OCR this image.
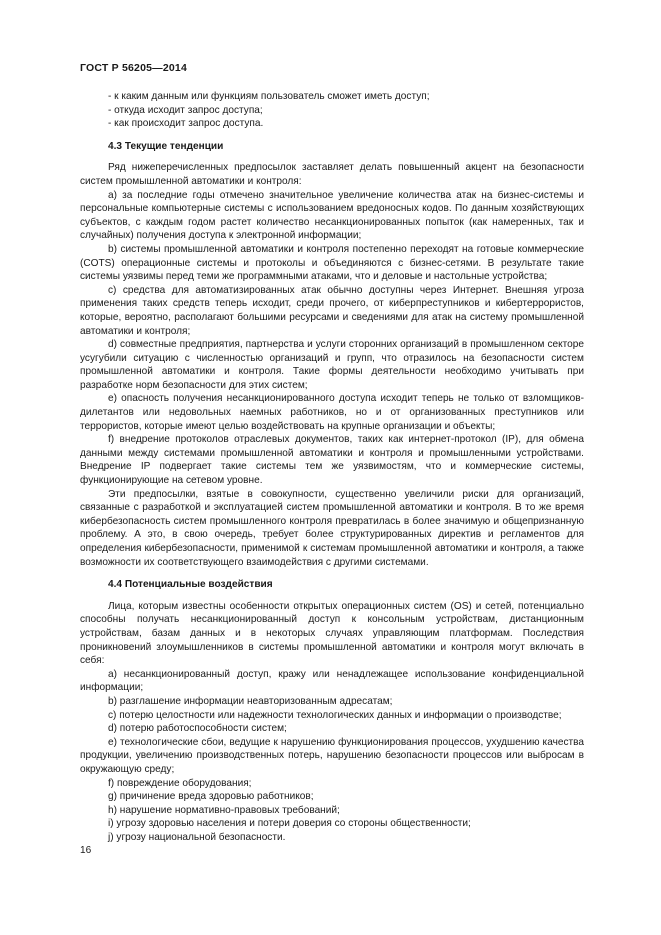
ГОСТ Р 56205—2014

- к каким данным или функциям пользователь сможет иметь доступ;

- откуда исходит запрос доступа;

- как происходит запрос доступа.

4.3 Текущие тенденции

Ряд нижеперечисленных предпосылок заставляет делать повышенный акцент на безопасности систем промышленной автоматики и контроля:

a) за последние годы отмечено значительное увеличение количества атак на бизнес-системы и персональные компьютерные системы с использованием вредоносных кодов. По данным хозяйствующих субъектов, с каждым годом растет количество несанкционированных попыток (как намеренных, так и случайных) получения доступа к электронной информации;

b) системы промышленной автоматики и контроля постепенно переходят на готовые коммерческие (COTS) операционные системы и протоколы и объединяются с бизнес-сетями. В результате такие системы уязвимы перед теми же программными атаками, что и деловые и настольные устройства;

c) средства для автоматизированных атак обычно доступны через Интернет. Внешняя угроза применения таких средств теперь исходит, среди прочего, от киберпреступников и кибертеррористов, которые, вероятно, располагают большими ресурсами и сведениями для атак на систему промышленной автоматики и контроля;

d) совместные предприятия, партнерства и услуги сторонних организаций в промышленном секторе усугубили ситуацию с численностью организаций и групп, что отразилось на безопасности систем промышленной автоматики и контроля. Такие формы деятельности необходимо учитывать при разработке норм безопасности для этих систем;

e) опасность получения несанкционированного доступа исходит теперь не только от взломщиков-дилетантов или недовольных наемных работников, но и от организованных преступников или террористов, которые имеют целью воздействовать на крупные организации и объекты;

f) внедрение протоколов отраслевых документов, таких как интернет-протокол (IP), для обмена данными между системами промышленной автоматики и контроля и промышленными устройствами. Внедрение IP подвергает такие системы тем же уязвимостям, что и коммерческие системы, функционирующие на сетевом уровне.

Эти предпосылки, взятые в совокупности, существенно увеличили риски для организаций, связанные с разработкой и эксплуатацией систем промышленной автоматики и контроля. В то же время кибербезопасность систем промышленного контроля превратилась в более значимую и общепризнанную проблему. А это, в свою очередь, требует более структурированных директив и регламентов для определения кибербезопасности, применимой к системам промышленной автоматики и контроля, а также возможности их соответствующего взаимодействия с другими системами.

4.4 Потенциальные воздействия

Лица, которым известны особенности открытых операционных систем (OS) и сетей, потенциально способны получать несанкционированный доступ к консольным устройствам, дистанционным устройствам, базам данных и в некоторых случаях управляющим платформам. Последствия проникновений злоумышленников в системы промышленной автоматики и контроля могут включать в себя:

a) несанкционированный доступ, кражу или ненадлежащее использование конфиденциальной информации;

b) разглашение информации неавторизованным адресатам;

c) потерю целостности или надежности технологических данных и информации о производстве;

d) потерю работоспособности систем;

e) технологические сбои, ведущие к нарушению функционирования процессов, ухудшению качества продукции, увеличению производственных потерь, нарушению безопасности процессов или выбросам в окружающую среду;

f) повреждение оборудования;

g) причинение вреда здоровью работников;

h) нарушение нормативно-правовых требований;

i) угрозу здоровью населения и потери доверия со стороны общественности;

j) угрозу национальной безопасности.

16
